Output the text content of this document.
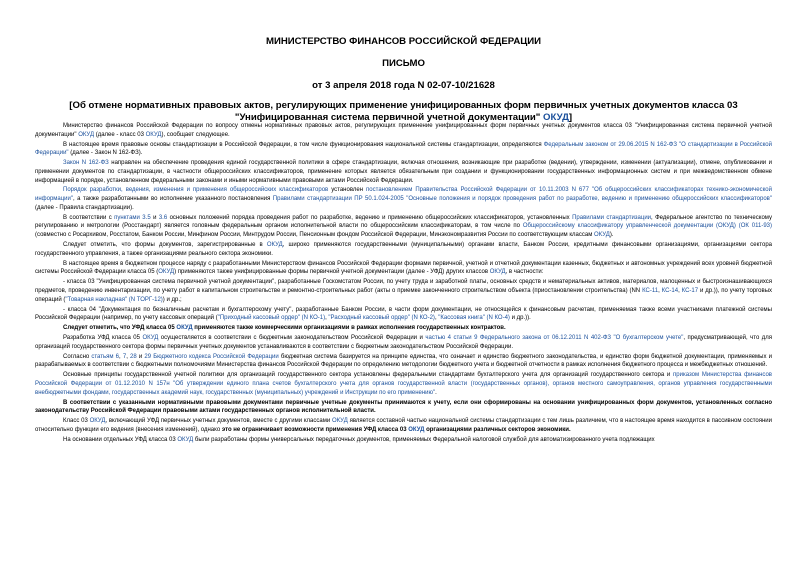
МИНИСТЕРСТВО ФИНАНСОВ РОССИЙСКОЙ ФЕДЕРАЦИИ
ПИСЬМО
от 3 апреля 2018 года N 02-07-10/21628
[Об отмене нормативных правовых актов, регулирующих применение унифицированных форм первичных учетных документов класса 03 "Унифицированная система первичной учетной документации" ОКУД]

Министерство финансов Российской Федерации по вопросу отмены нормативных правовых актов, регулирующих применение унифицированных форм первичных учетных документов класса 03 "Унифицированная система первичной учетной документации" ОКУД (далее - класс 03 ОКУД), сообщает следующее.

В настоящее время правовые основы стандартизации в Российской Федерации, в том числе функционирования национальной системы стандартизации, определяются Федеральным законом от 29.06.2015 N 162-ФЗ "О стандартизации в Российской Федерации" (далее - Закон N 162-ФЗ).

Закон N 162-ФЗ направлен на обеспечение проведения единой государственной политики в сфере стандартизации, включая отношения, возникающие при разработке (ведении), утверждении, изменении (актуализации), отмене, опубликовании и применении документов по стандартизации, в частности общероссийских классификаторов, применение которых является обязательным при создании и функционировании государственных информационных систем и при межведомственном обмене информацией в порядке, установленном федеральными законами и иными нормативными правовыми актами Российской Федерации.

Порядок разработки, ведения, изменения и применения общероссийских классификаторов установлен постановлением Правительства Российской Федерации от 10.11.2003 N 677 "Об общероссийских классификаторах технико-экономической информации", а также разработанными во исполнение указанного постановления Правилами стандартизации ПР 50.1.024-2005 "Основные положения и порядок проведения работ по разработке, ведению и применению общероссийских классификаторов" (далее - Правила стандартизации).

В соответствии с пунктами 3.5 и 3.6 основных положений порядка проведения работ по разработке, ведению и применению общероссийских классификаторов, установленных Правилами стандартизации, Федеральное агентство по техническому регулированию и метрологии (Росстандарт) является головным федеральным органом исполнительной власти по общероссийским классификаторам, в том числе по Общероссийскому классификатору управленческой документации (ОКУД) (ОК 011-93) (совместно с Росархивом, Росстатом, Банком России, Минфином России, Минтрудом России, Пенсионным фондом Российской Федерации, Минэкономразвития России по соответствующим классам ОКУД).

Следует отметить, что формы документов, зарегистрированные в ОКУД, широко применяются государственными (муниципальными) органами власти, Банком России, кредитными финансовыми организациями, организациями сектора государственного управления, а также организациями реального сектора экономики.

В настоящее время в бюджетном процессе наряду с разработанными Министерством финансов Российской Федерации формами первичной, учетной и отчетной документации казенных, бюджетных и автономных учреждений всех уровней бюджетной системы Российской Федерации класса 05 (ОКУД) применяются также унифицированные формы первичной учетной документации (далее - УФД) других классов ОКУД, в частности:

- класса 03 "Унифицированная система первичной учетной документации", разработанные Госкомстатом России, по учету труда и заработной платы, основных средств и нематериальных активов, материалов, малоценных и быстроизнашивающихся предметов, проведению инвентаризации, по учету работ в капитальном строительстве и ремонтно-строительных работ (акты о приемке законченного строительством объекта (приостановлении строительства) (NN КС-11, КС-14, КС-17 и др.)), по учету торговых операций ("Товарная накладная" (N ТОРГ-12)) и др.;

- класса 04 "Документация по безналичным расчетам и бухгалтерскому учету", разработанные Банком России, в части форм документации, не относящейся к финансовым расчетам, применяемая также всеми участниками платежной системы Российской Федерации (например, по учету кассовых операций ("Приходный кассовый ордер" (N КО-1), "Расходный кассовый ордер" (N КО-2), "Кассовая книга" (N КО-4) и др.)).

Следует отметить, что УФД класса 05 ОКУД применяются также коммерческими организациями в рамках исполнения государственных контрактов.

Разработка УФД класса 05 ОКУД осуществляется в соответствии с бюджетным законодательством Российской Федерации и частью 4 статьи 9 Федерального закона от 06.12.2011 N 402-ФЗ "О бухгалтерском учете", предусматривающей, что для организаций государственного сектора формы первичных учетных документов устанавливаются в соответствии с бюджетным законодательством Российской Федерации.

Согласно статьям 6, 7, 28 и 29 Бюджетного кодекса Российской Федерации бюджетная система базируется на принципе единства, что означает и единство бюджетного законодательства, и единство форм бюджетной документации, применяемых и разрабатываемых в соответствии с бюджетными полномочиями Министерства финансов Российской Федерации по определению методологии бюджетного учета и бюджетной отчетности в рамках исполнения бюджетного процесса и межбюджетных отношений.

Основные принципы государственной учетной политики для организаций государственного сектора установлены федеральными стандартами бухгалтерского учета для организаций государственного сектора и приказом Министерства финансов Российской Федерации от 01.12.2010 N 157н "Об утверждении единого плана счетов бухгалтерского учета для органов государственной власти (государственных органов), органов местного самоуправления, органов управления государственными внебюджетными фондами, государственных академий наук, государственных (муниципальных) учреждений и Инструкции по его применению".

В соответствии с указанными нормативными правовыми документами первичные учетные документы принимаются к учету, если они сформированы на основании унифицированных форм документов, установленных согласно законодательству Российской Федерации правовыми актами государственных органов исполнительной власти.

Класс 03 ОКУД, включающий УФД первичных учетных документов, вместе с другими классами ОКУД является составной частью национальной системы стандартизации с тем лишь различием, что в настоящее время находится в пассивном состоянии относительно функции его ведения (внесения изменений), однако это не ограничивает возможности применения УФД класса 03 ОКУД организациями различных секторов экономики.

На основании отдельных УФД класса 03 ОКУД были разработаны формы универсальных передаточных документов, применяемых Федеральной налоговой службой для автоматизированного учета подлежащих
